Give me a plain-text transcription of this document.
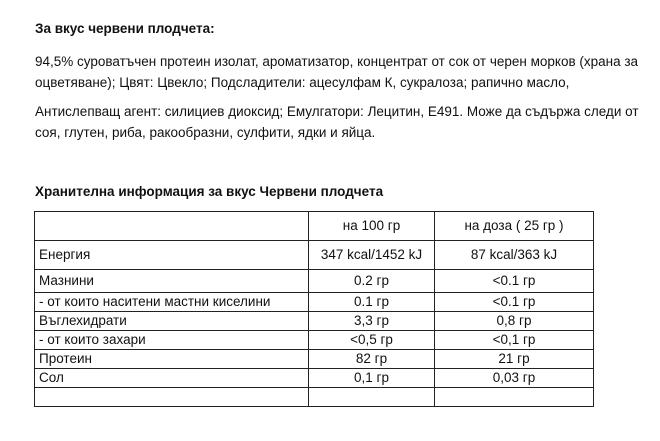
За вкус червени плодчета:
94,5% суроватъчен протеин изолат, ароматизатор, концентрат от сок от черен морков (храна за оцветяване); Цвят: Цвекло; Подсладители: ацесулфам К, сукралоза; рапично масло,
Антислепващ агент: силициев диоксид; Емулгатори: Лецитин, Е491. Може да съдържа следи от соя, глутен, риба, ракообразни, сулфити, ядки и яйца.
Хранителна информация за вкус Червени плодчета
	на 100 гр	на доза ( 25 гр )
Енергия	347 kcal/1452 kJ	87 kcal/363 kJ
Мазнини	0.2 гр	<0.1 гр
- от които наситени мастни киселини	0.1 гр	<0.1 гр
Въглехидрати	3,3 гр	0,8 гр
- от които захари	<0,5 гр	<0,1 гр
Протеин	82 гр	21 гр
Сол	0,1 гр	0,03 гр
